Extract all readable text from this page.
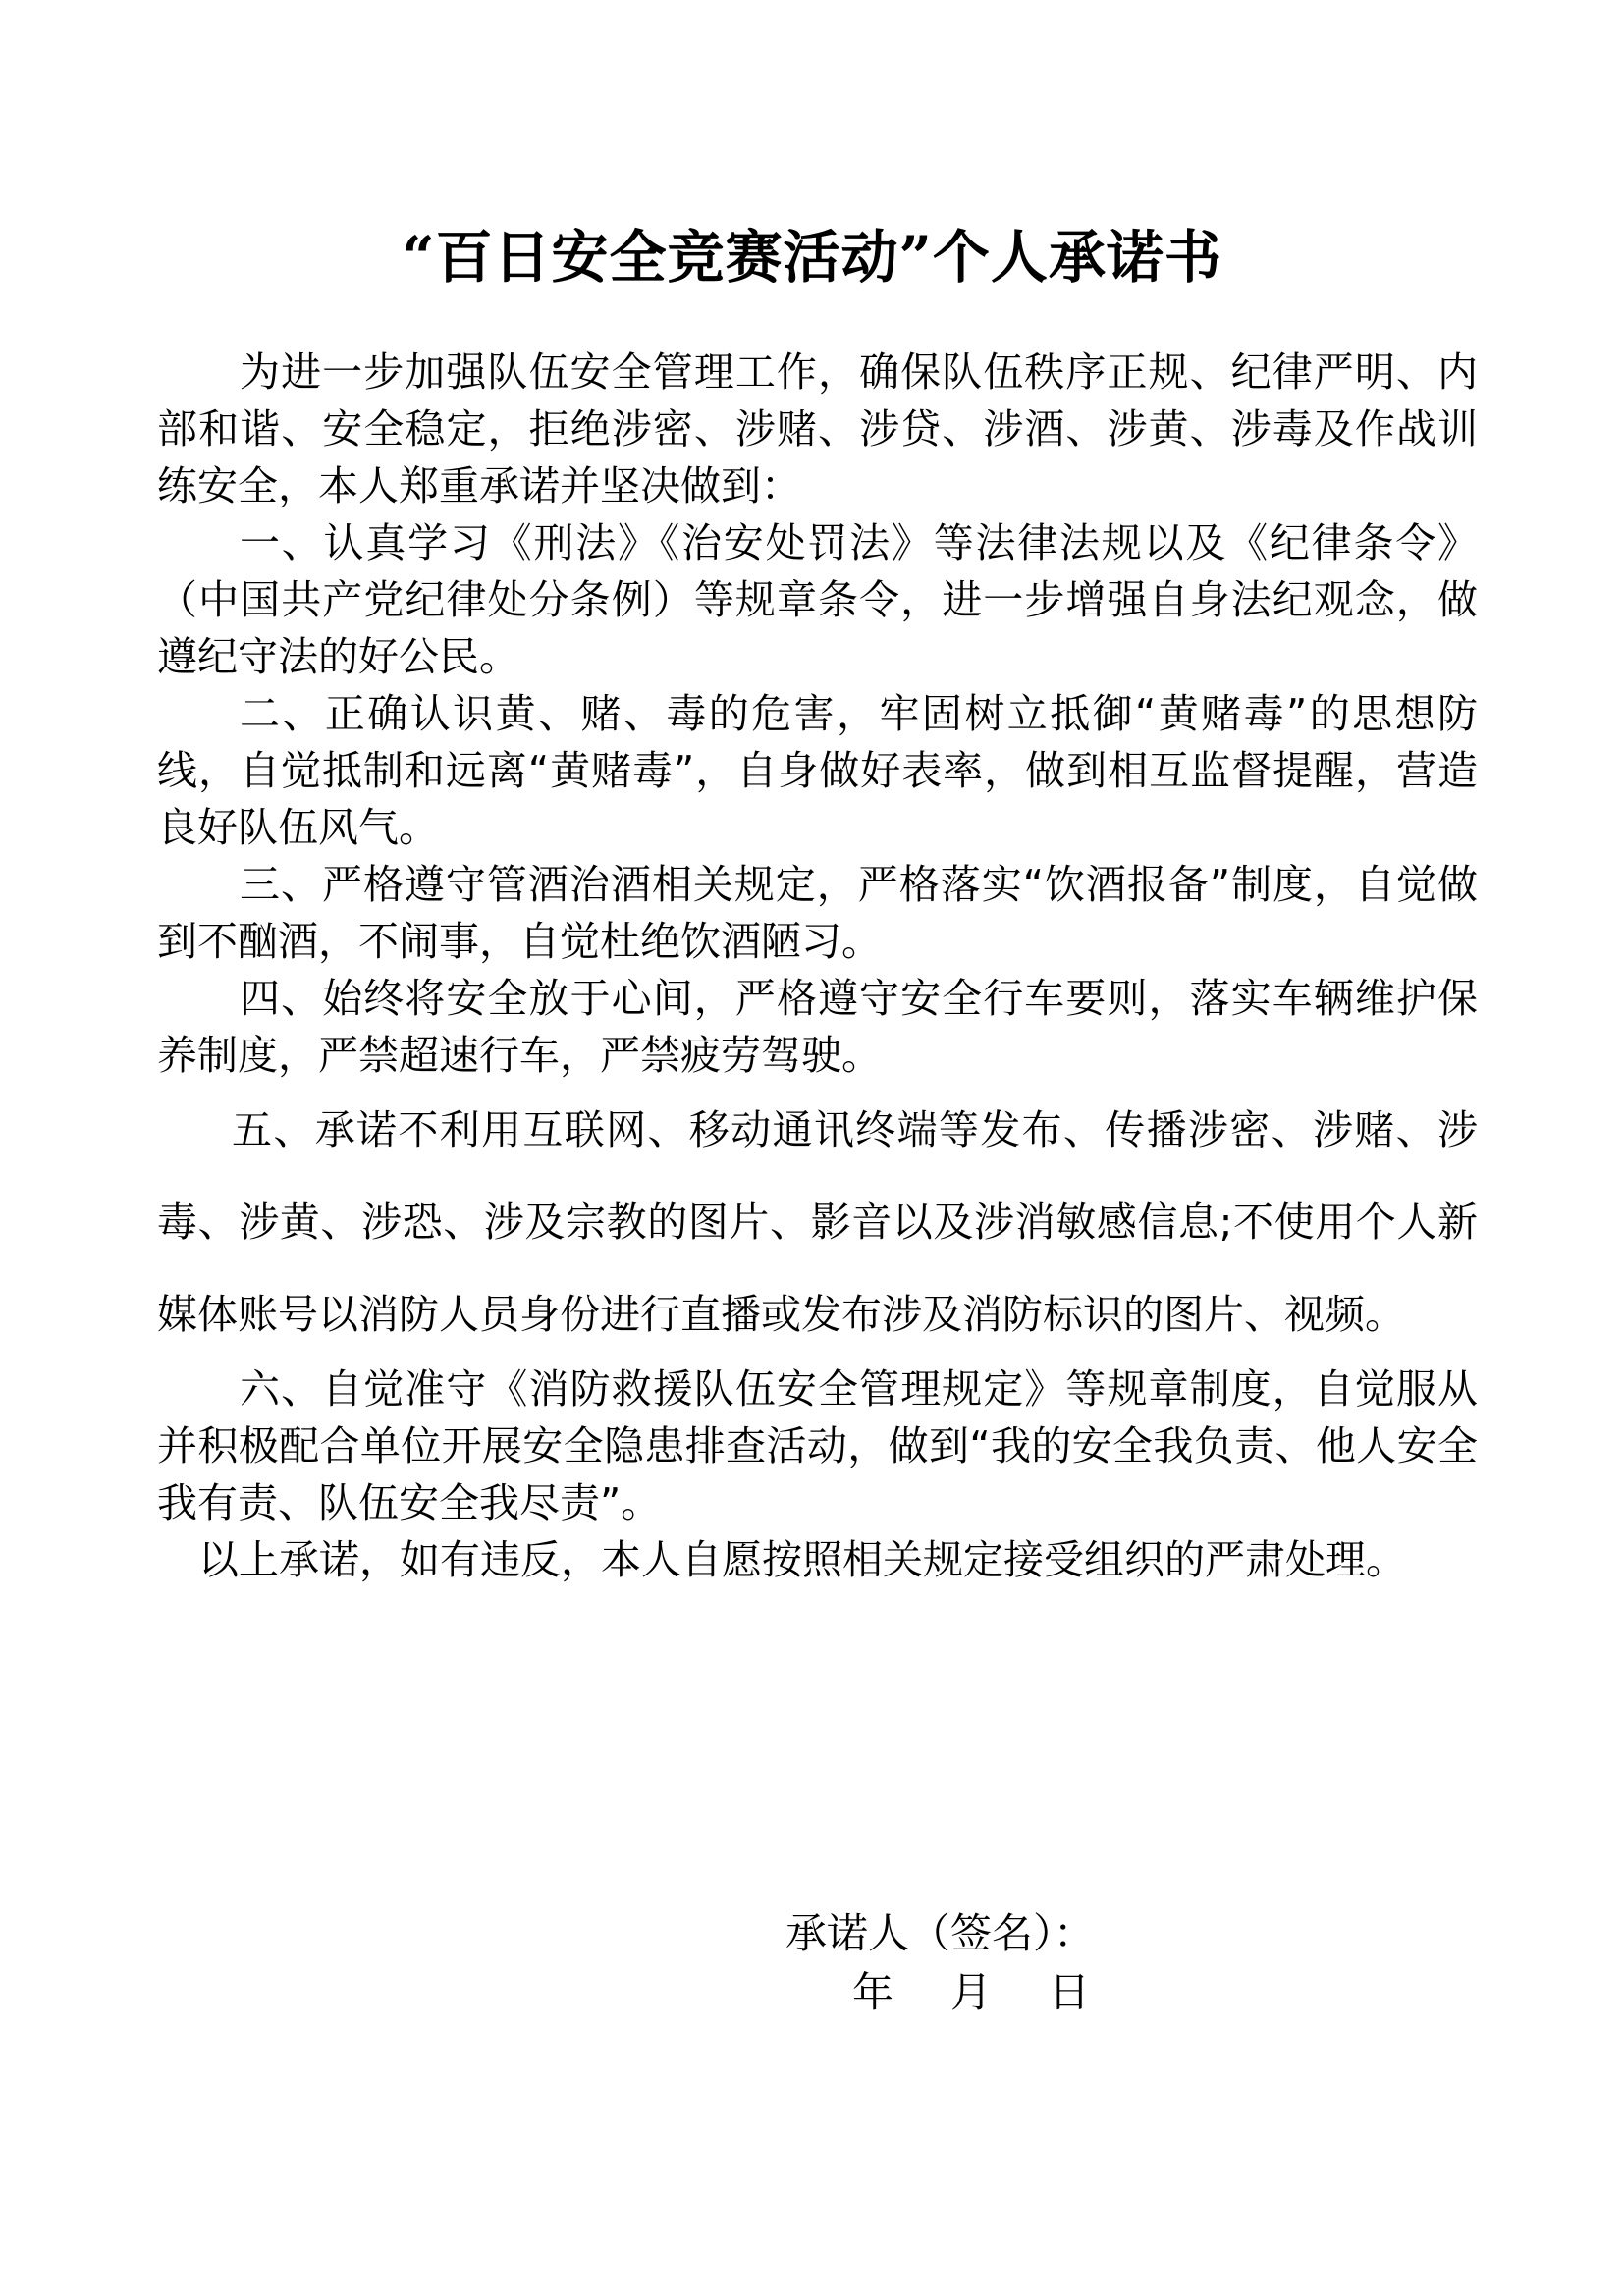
“百日安全竞赛活动”个人承诺书

为进一步加强队伍安全管理工作，确保队伍秩序正规、纪律严明、内部和谐、安全稳定，拒绝涉密、涉赌、涉贷、涉酒、涉黄、涉毒及作战训练安全，本人郑重承诺并坚决做到：

一、认真学习《刑法》《治安处罚法》等法律法规以及《纪律条令》（中国共产党纪律处分条例）等规章条令，进一步增强自身法纪观念，做遵纪守法的好公民。

二、正确认识黄、赌、毒的危害，牢固树立抵御“黄赌毒”的思想防线，自觉抵制和远离“黄赌毒”，自身做好表率，做到相互监督提醒，营造良好队伍风气。

三、严格遵守管酒治酒相关规定，严格落实“饮酒报备”制度，自觉做到不酗酒，不闹事，自觉杜绝饮酒陋习。

四、始终将安全放于心间，严格遵守安全行车要则，落实车辆维护保养制度，严禁超速行车，严禁疲劳驾驶。

五、承诺不利用互联网、移动通讯终端等发布、传播涉密、涉赌、涉毒、涉黄、涉恐、涉及宗教的图片、影音以及涉消敏感信息;不使用个人新媒体账号以消防人员身份进行直播或发布涉及消防标识的图片、视频。

六、自觉准守《消防救援队伍安全管理规定》等规章制度，自觉服从并积极配合单位开展安全隐患排查活动，做到“我的安全我负责、他人安全我有责、队伍安全我尽责”。

以上承诺，如有违反，本人自愿按照相关规定接受组织的严肃处理。

承诺人（签名）：
年 月 日
